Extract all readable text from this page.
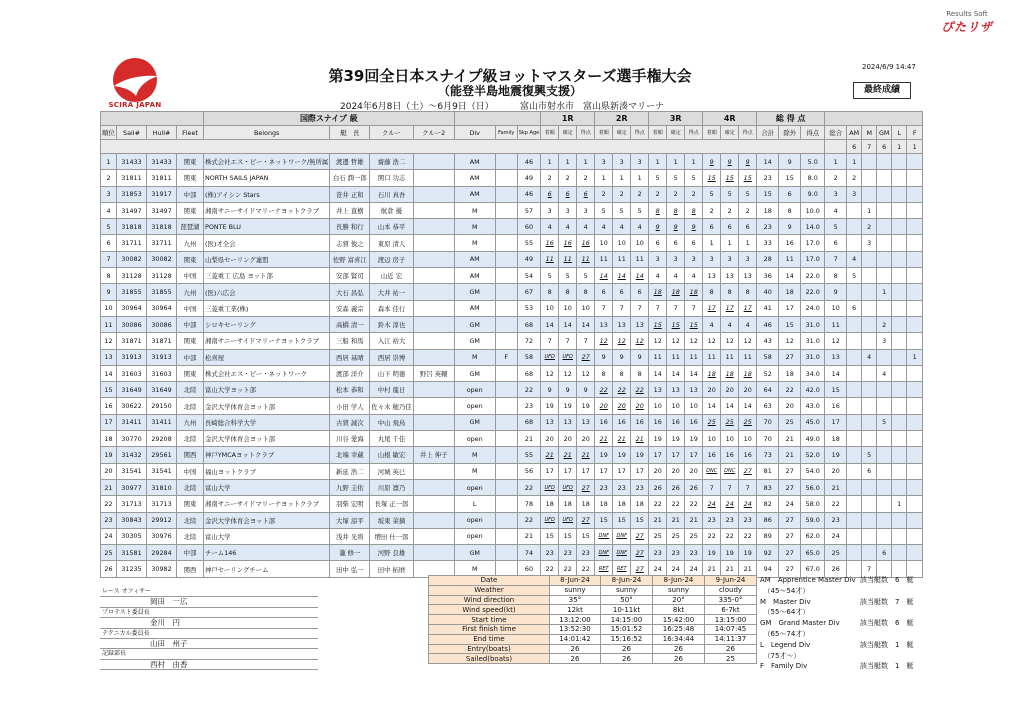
SCIRA JAPAN
Results Soft
ぴたリザ
第39回全日本スナイプ級ヨットマスターズ選手権大会
（能登半島地震復興支援）
2024年6月8日（土）～6月9日（日）	富山市射水市　富山県新湊マリーナ
2024/6/9 14:47
最終成績
				国際スナイプ 級							1R			2R			3R			4R			総 得 点								
順位	Sail#	Hull#	Fleet	Belongs	艇　長	クルー	クルー2	Div	Family	Skp Age	着順	確定	得点	着順	確定	得点	着順	確定	得点	着順	確定	得点	合計	除外	得点	総合	AM	M	GM	L	F
																											6	7	6	1	1
1	31433	31433	関東	株式会社エス・ビー・ネットワーク/無所属	渡邊 哲雄	齋藤 浩二		AM		46	1	1	1	3	3	3	1	1	1	9	9	9	14	9	5.0	1	1				
2	31811	31811	関東	NORTH SAILS JAPAN	白石 潤一郎	関口 功志		AM		49	2	2	2	1	1	1	5	5	5	15	15	15	23	15	8.0	2	2				
3	31853	31917	中部	(株)アイシン Stars	笹井 正和	石川 真吾		AM		46	6	6	6	2	2	2	2	2	2	5	5	5	15	6	9.0	3	3				
4	31497	31497	関東	湘南サニーサイドマリーナヨットクラブ	井上 直樹	航倉 優		M		57	3	3	3	5	5	5	8	8	8	2	2	2	18	8	10.0	4		1			
5	31818	31818	琵琶湖	PONTE BLU	長勝 和行	山本 恭平		M		60	4	4	4	4	4	4	9	9	9	6	6	6	23	9	14.0	5		2			
6	31711	31711	九州	(医)才全会	志賀 俊之	東原 清人		M		55	16	16	16	10	10	10	6	6	6	1	1	1	33	16	17.0	6		3			
7	30082	30082	関東	山梨県セーリング連盟	佐野 富喜江	渡辺 房子		AM		49	11	11	11	11	11	11	3	3	3	3	3	3	28	11	17.0	7	4				
8	31128	31128	中国	三菱重工 広島 ヨット部	安部 賢司	山近 宏		AM		54	5	5	5	14	14	14	4	4	4	13	13	13	36	14	22.0	8	5				
9	31855	31855	九州	(医)六広会	大石 昌弘	大井 祐一		GM		67	8	8	8	6	6	6	18	18	18	8	8	8	40	18	22.0	9			1		
10	30964	30964	中国	三菱重工業(株)	安森 義宗	森本 佳行		AM		53	10	10	10	7	7	7	7	7	7	17	17	17	41	17	24.0	10	6				
11	30086	30086	中部	シロキセーリング	高橋 清一	鈴木 淳也		GM		68	14	14	14	13	13	13	15	15	15	4	4	4	46	15	31.0	11			2		
12	31871	31871	関東	湘南サニーサイドマリーナヨットクラブ	三船 和馬	入江 裕大		GM		72	7	7	7	12	12	12	12	12	12	12	12	12	43	12	31.0	12			3		
13	31913	31913	中部	松喜屋	西居 基晴	西居 崇博		M	F	58	UFD	UFD	27	9	9	9	11	11	11	11	11	11	58	27	31.0	13		4			1
14	31603	31603	関東	株式会社エス・ビー・ネットワーク	渡部 洋介	山下 明徳	野呂 英輔	GM		68	12	12	12	8	8	8	14	14	14	18	18	18	52	18	34.0	14			4		
15	31649	31649	北陸	富山大学ヨット部	松本 恭和	中村 龍日		open		22	9	9	9	22	22	22	13	13	13	20	20	20	64	22	42.0	15					
16	30622	29150	北陸	金沢大学体育会ヨット部	小田 学人	佐々木 穂乃佳		open		23	19	19	19	20	20	20	10	10	10	14	14	14	63	20	43.0	16					
17	31411	31411	九州	長崎総合科学大学	古賀 誠次	中山 飛鳥		GM		68	13	13	13	16	16	16	16	16	16	25	25	25	70	25	45.0	17			5		
18	30770	29208	北陸	金沢大学体育会ヨット部	川谷 愛海	丸尾 千佳		open		21	20	20	20	21	21	21	19	19	19	10	10	10	70	21	49.0	18					
19	31432	29561	関西	神戸YMCAヨットクラブ	北端 幸蔵	山根 敏宏	井上 伸子	M		55	21	21	21	19	19	19	17	17	17	16	16	16	73	21	52.0	19		5			
20	31541	31541	中国	福山ヨットクラブ	新延 浩二	河城 英巳		M		56	17	17	17	17	17	17	20	20	20	DNC	DNC	27	81	27	54.0	20		6			
21	30977	31810	北陸	富山大学	九野 圭佑	川原 凛乃		open		22	UFD	UFD	27	23	23	23	26	26	26	7	7	7	83	27	56.0	21					
22	31713	31713	関東	湘南サニーサイドマリーナヨットクラブ	羽柴 宏明	長塚 正一郎		L		78	18	18	18	18	18	18	22	22	22	24	24	24	82	24	58.0	22				1	
23	30843	29912	北陸	金沢大学体育会ヨット部	大塚 涼平	坂東 菜摘		open		22	UFD	UFD	27	15	15	15	21	21	21	23	23	23	86	27	59.0	23					
24	30305	30976	北陸	富山大学	浅井 光将	増田 仕一郎		open		21	15	15	15	DNF	DNF	27	25	25	25	22	22	22	89	27	62.0	24					
25	31581	29284	中部	チーム146	瀧 修一	河野 良雄		GM		74	23	23	23	DNF	DNF	27	23	23	23	19	19	19	92	27	65.0	25			6		
26	31235	30982	関西	神戸セーリングチーム	田中 弘一	田中 拓磨		M		60	22	22	22	RET	RET	27	24	24	24	21	21	21	94	27	67.0	26		7			
Date	8-Jun-24	8-Jun-24	8-Jun-24	9-Jun-24
Weather	sunny	sunny	sunny	cloudy
Wind direction	35°	50°	20°	335-0°
Wind speed(kt)	12kt	10-11kt	8kt	6-7kt
Start time	13:12:00	14:15:00	15:42:00	13:15:00
First finish time	13:52:30	15:01:52	16:25:48	14:07:45
End time	14:01:42	15:16:52	16:34:44	14:11:37
Entry(boats)	26	26	26	26
Sailed(boats)	26	26	26	25
レース オフィサー
岡田　一広
プロテスト委員長
金川　円
テクニカル委員長
山田　州子
記録部長
西村　由香
AM　Apprentice Master Div 該当艇数　6　艇
　（45～54才）
M　Master Div	該当艇数　7　艇
　（55～64才）
GM　Grand Master Div	該当艇数　6　艇
　（65～74才）
L　Legend Div	該当艇数　1　艇
　（75才～）
F　Family Div	該当艇数　1　艇
